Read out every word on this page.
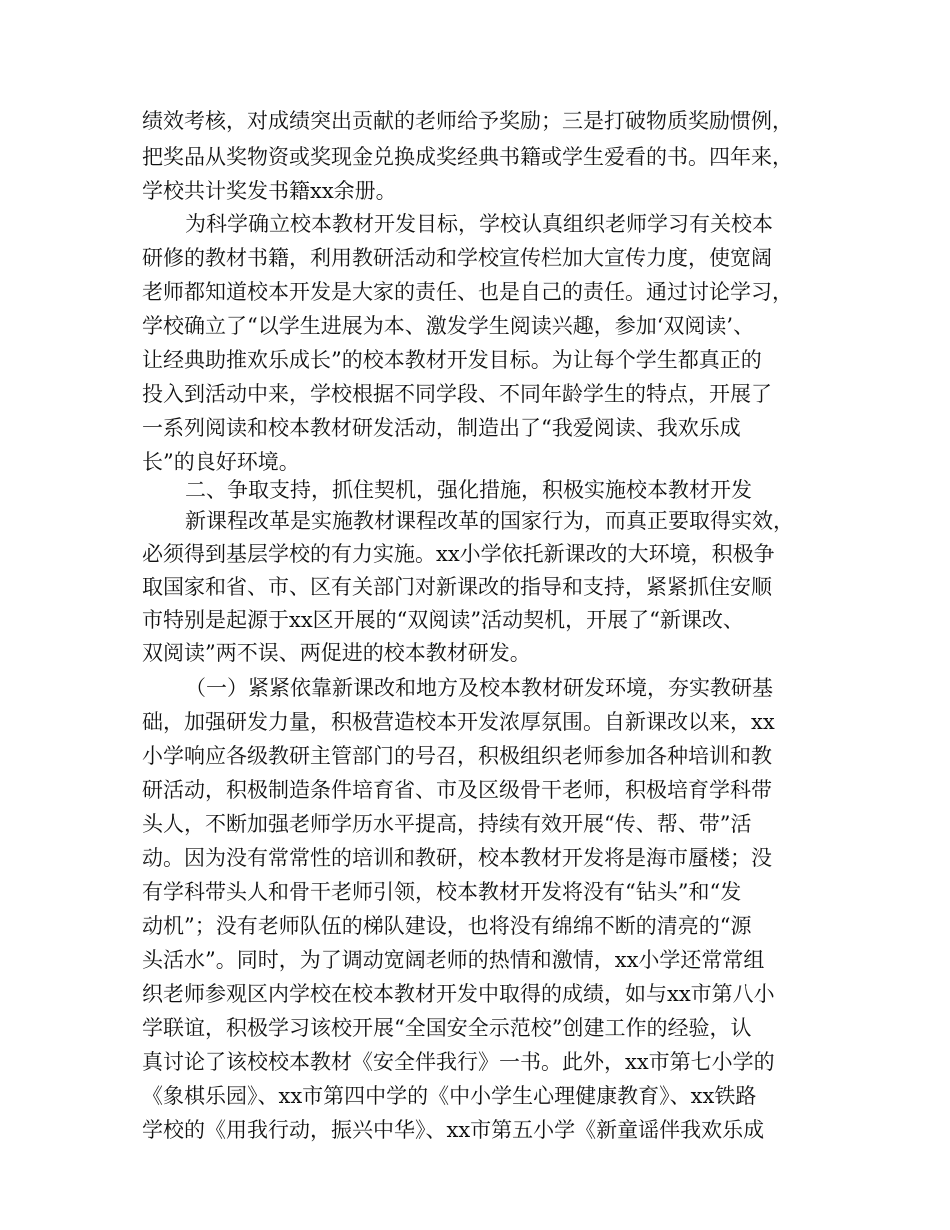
绩效考核，对成绩突出贡献的老师给予奖励；三是打破物质奖励惯例，
把奖品从奖物资或奖现金兑换成奖经典书籍或学生爱看的书。四年来，
学校共计奖发书籍xx余册。
为科学确立校本教材开发目标，学校认真组织老师学习有关校本
研修的教材书籍，利用教研活动和学校宣传栏加大宣传力度，使宽阔
老师都知道校本开发是大家的责任、也是自己的责任。通过讨论学习，
学校确立了“以学生进展为本、激发学生阅读兴趣，参加‘双阅读’、
让经典助推欢乐成长”的校本教材开发目标。为让每个学生都真正的
投入到活动中来，学校根据不同学段、不同年龄学生的特点，开展了
一系列阅读和校本教材研发活动，制造出了“我爱阅读、我欢乐成
长”的良好环境。
二、争取支持，抓住契机，强化措施，积极实施校本教材开发
新课程改革是实施教材课程改革的国家行为，而真正要取得实效，
必须得到基层学校的有力实施。xx小学依托新课改的大环境，积极争
取国家和省、市、区有关部门对新课改的指导和支持，紧紧抓住安顺
市特别是起源于xx区开展的“双阅读”活动契机，开展了“新课改、
双阅读”两不误、两促进的校本教材研发。
（一）紧紧依靠新课改和地方及校本教材研发环境，夯实教研基
础，加强研发力量，积极营造校本开发浓厚氛围。自新课改以来，xx
小学响应各级教研主管部门的号召，积极组织老师参加各种培训和教
研活动，积极制造条件培育省、市及区级骨干老师，积极培育学科带
头人，不断加强老师学历水平提高，持续有效开展“传、帮、带”活
动。因为没有常常性的培训和教研，校本教材开发将是海市蜃楼；没
有学科带头人和骨干老师引领，校本教材开发将没有“钻头”和“发
动机”；没有老师队伍的梯队建设，也将没有绵绵不断的清亮的“源
头活水”。同时，为了调动宽阔老师的热情和激情，xx小学还常常组
织老师参观区内学校在校本教材开发中取得的成绩，如与xx市第八小
学联谊，积极学习该校开展“全国安全示范校”创建工作的经验，认
真讨论了该校校本教材《安全伴我行》一书。此外，xx市第七小学的
《象棋乐园》、xx市第四中学的《中小学生心理健康教育》、xx铁路
学校的《用我行动，振兴中华》、xx市第五小学《新童谣伴我欢乐成
